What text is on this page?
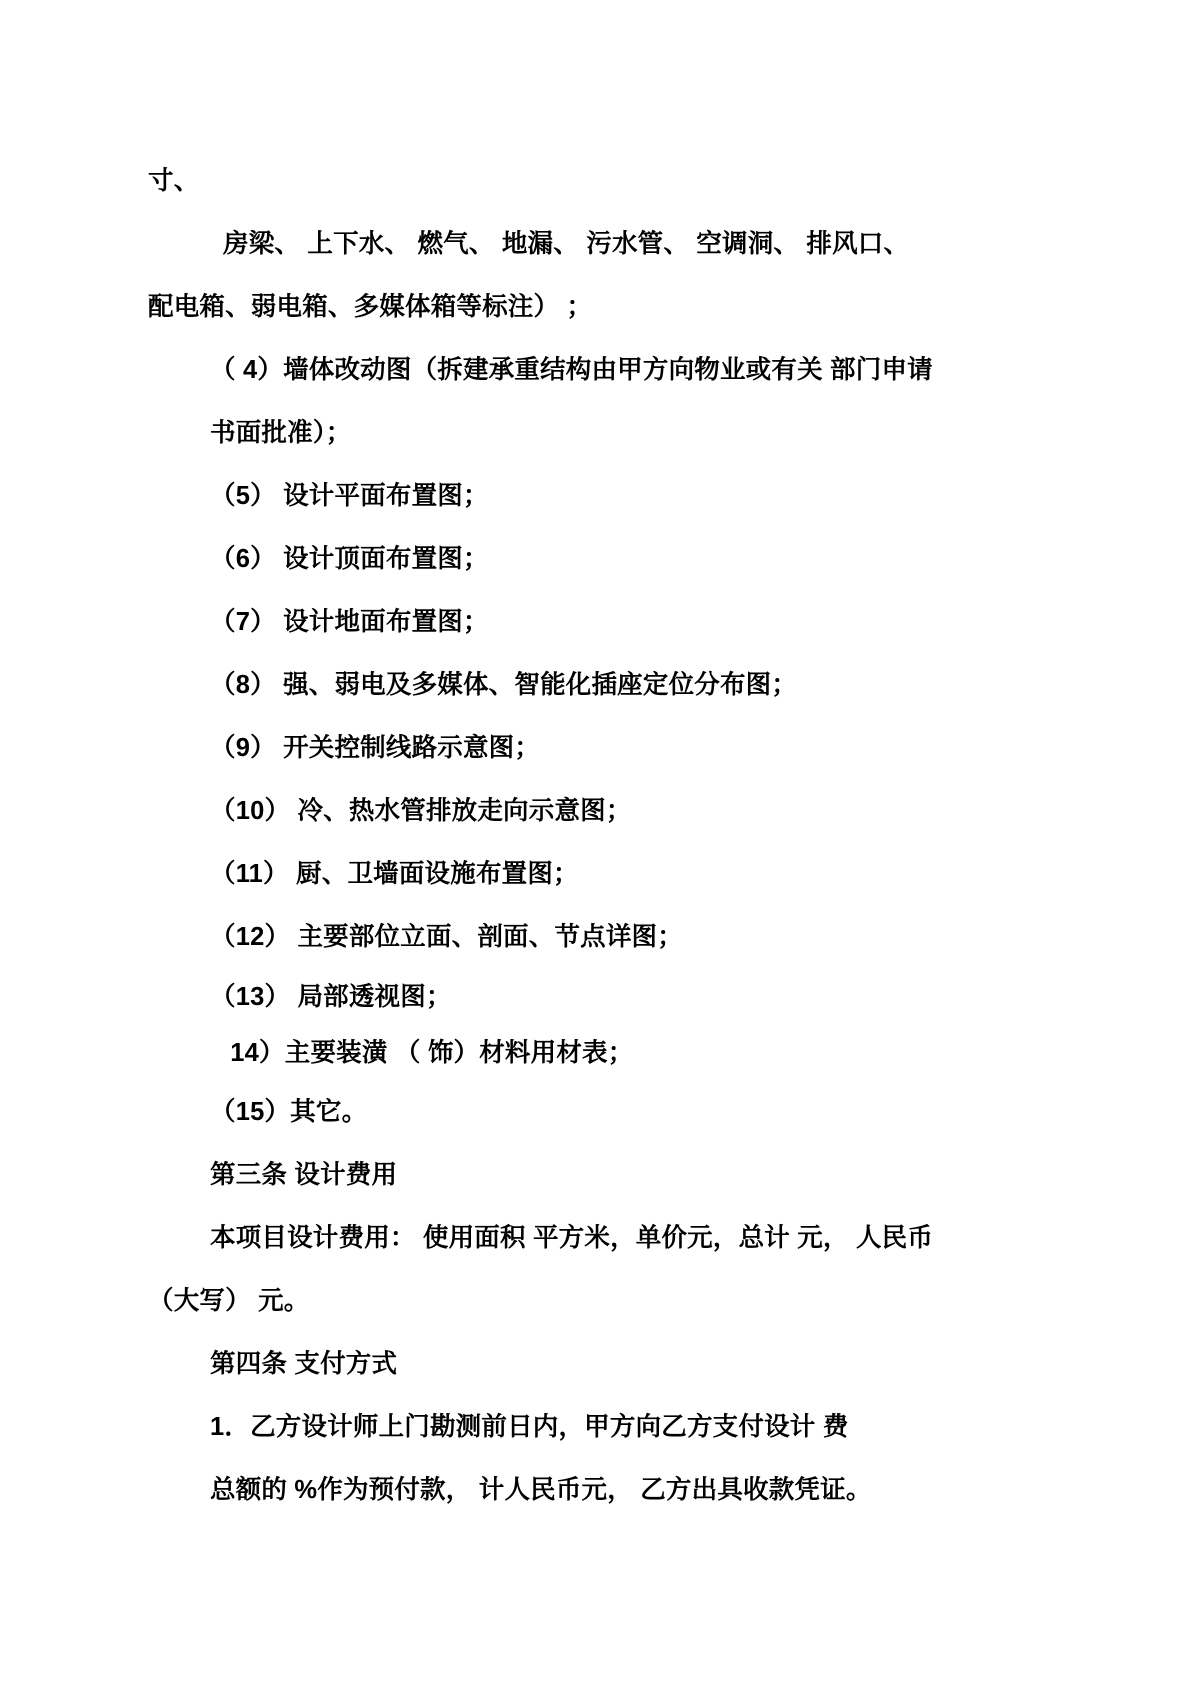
寸、

房梁、 上下水、 燃气、 地漏、 污水管、 空调洞、 排风口、

配电箱、弱电箱、多媒体箱等标注） ；

（ 4）墙体改动图（拆建承重结构由甲方向物业或有关 部门申请

书面批准）；

（5） 设计平面布置图；

（6） 设计顶面布置图；

（7） 设计地面布置图；

（8） 强、弱电及多媒体、智能化插座定位分布图；

（9） 开关控制线路示意图；

（10） 冷、热水管排放走向示意图；

（11） 厨、卫墙面设施布置图；

（12） 主要部位立面、剖面、节点详图；

（13） 局部透视图；

14）主要装潢 （ 饰）材料用材表；

（15）其它。

第三条 设计费用

本项目设计费用： 使用面积 平方米，单价元，总计 元， 人民币

（大写） 元。

第四条 支付方式

1．乙方设计师上门勘测前日内，甲方向乙方支付设计 费

总额的 %作为预付款， 计人民币元， 乙方出具收款凭证。
